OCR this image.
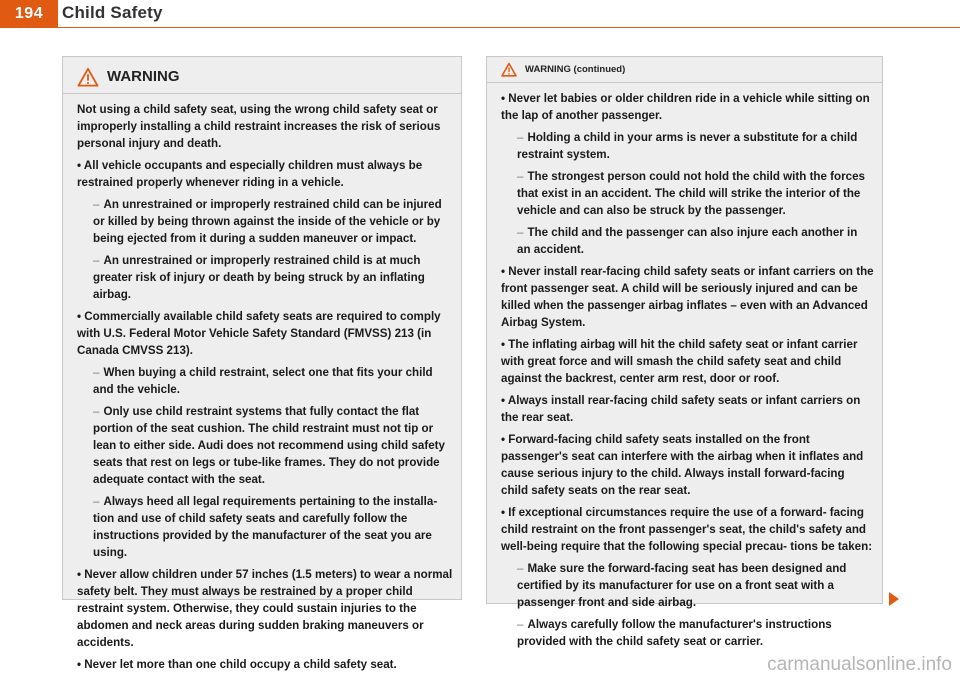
194	Child Safety
WARNING
Not using a child safety seat, using the wrong child safety seat or improperly installing a child restraint increases the risk of serious personal injury and death.
• All vehicle occupants and especially children must always be restrained properly whenever riding in a vehicle.
– An unrestrained or improperly restrained child can be injured or killed by being thrown against the inside of the vehicle or by being ejected from it during a sudden maneuver or impact.
– An unrestrained or improperly restrained child is at much greater risk of injury or death by being struck by an inflating airbag.
• Commercially available child safety seats are required to comply with U.S. Federal Motor Vehicle Safety Standard (FMVSS) 213 (in Canada CMVSS 213).
– When buying a child restraint, select one that fits your child and the vehicle.
– Only use child restraint systems that fully contact the flat portion of the seat cushion. The child restraint must not tip or lean to either side. Audi does not recommend using child safety seats that rest on legs or tube-like frames. They do not provide adequate contact with the seat.
– Always heed all legal requirements pertaining to the installa- tion and use of child safety seats and carefully follow the instructions provided by the manufacturer of the seat you are using.
• Never allow children under 57 inches (1.5 meters) to wear a normal safety belt. They must always be restrained by a proper child restraint system. Otherwise, they could sustain injuries to the abdomen and neck areas during sudden braking maneuvers or accidents.
• Never let more than one child occupy a child safety seat.
WARNING (continued)
• Never let babies or older children ride in a vehicle while sitting on the lap of another passenger.
– Holding a child in your arms is never a substitute for a child restraint system.
– The strongest person could not hold the child with the forces that exist in an accident. The child will strike the interior of the vehicle and can also be struck by the passenger.
– The child and the passenger can also injure each another in an accident.
• Never install rear-facing child safety seats or infant carriers on the front passenger seat. A child will be seriously injured and can be killed when the passenger airbag inflates – even with an Advanced Airbag System.
• The inflating airbag will hit the child safety seat or infant carrier with great force and will smash the child safety seat and child against the backrest, center arm rest, door or roof.
• Always install rear-facing child safety seats or infant carriers on the rear seat.
• Forward-facing child safety seats installed on the front passenger's seat can interfere with the airbag when it inflates and cause serious injury to the child. Always install forward-facing child safety seats on the rear seat.
• If exceptional circumstances require the use of a forward- facing child restraint on the front passenger's seat, the child's safety and well-being require that the following special precau- tions be taken:
– Make sure the forward-facing seat has been designed and certified by its manufacturer for use on a front seat with a passenger front and side airbag.
– Always carefully follow the manufacturer's instructions provided with the child safety seat or carrier.
carmanualsonline.info
